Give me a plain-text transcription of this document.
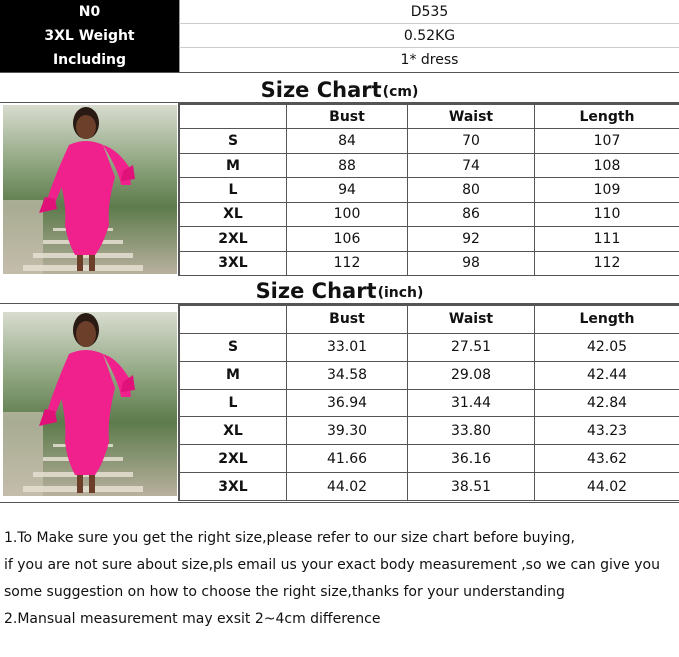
N0	D535
3XL Weight	0.52KG
Including	1* dress
Size Chart (cm)
	Bust	Waist	Length
S	84	70	107
M	88	74	108
L	94	80	109
XL	100	86	110
2XL	106	92	111
3XL	112	98	112
Size Chart (inch)
	Bust	Waist	Length
S	33.01	27.51	42.05
M	34.58	29.08	42.44
L	36.94	31.44	42.84
XL	39.30	33.80	43.23
2XL	41.66	36.16	43.62
3XL	44.02	38.51	44.02
1.To Make sure you get the right size,please refer to our size chart before buying,
if you are not sure about size,pls email us your exact body measurement ,so we can give you
some suggestion on how to choose the right size,thanks for your understanding
2.Mansual measurement may exsit 2~4cm difference
